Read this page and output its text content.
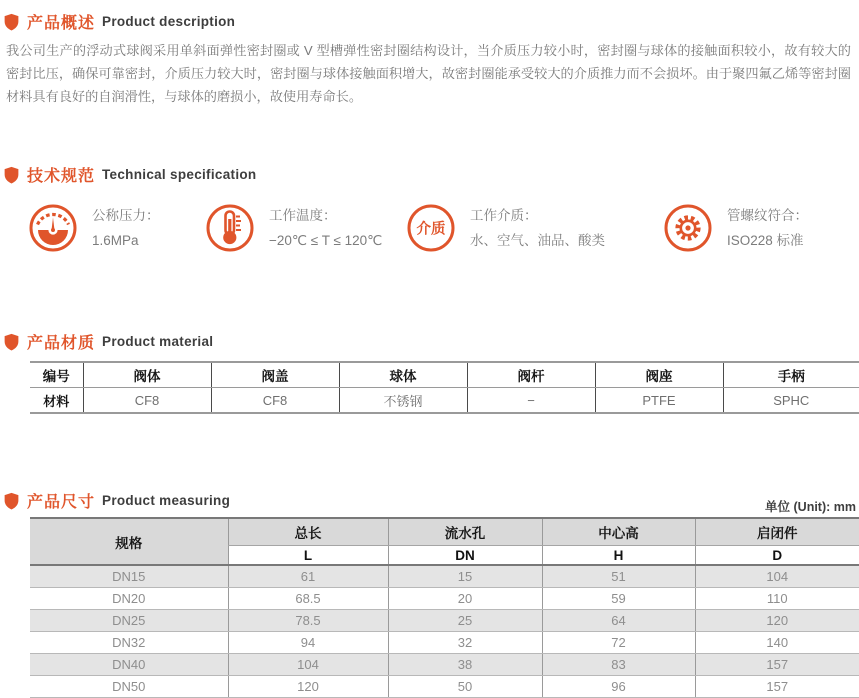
产品概述 Product description
我公司生产的浮动式球阀采用单斜面弹性密封圈或 V 型槽弹性密封圈结构设计，当介质压力较小时，密封圈与球体的接触面积较小，故有较大的密封比压，确保可靠密封，介质压力较大时，密封圈与球体接触面积增大，故密封圈能承受较大的介质推力而不会损坏。由于聚四氟乙烯等密封圈材料具有良好的自润滑性，与球体的磨损小，故使用寿命长。
技术规范 Technical specification
公称压力：
1.6MPa
工作温度：
−20℃ ≤ T ≤ 120℃
介质
工作介质：
水、空气、油品、酸类
管螺纹符合：
ISO228 标准
产品材质 Product material
编号	阀体	阀盖	球体	阀杆	阀座	手柄
材料	CF8	CF8	不锈钢	−	PTFE	SPHC
产品尺寸 Product measuring	单位 (Unit): mm
规格	总长	流水孔	中心高	启闭件
	L	DN	H	D
DN15	61	15	51	104
DN20	68.5	20	59	110
DN25	78.5	25	64	120
DN32	94	32	72	140
DN40	104	38	83	157
DN50	120	50	96	157
